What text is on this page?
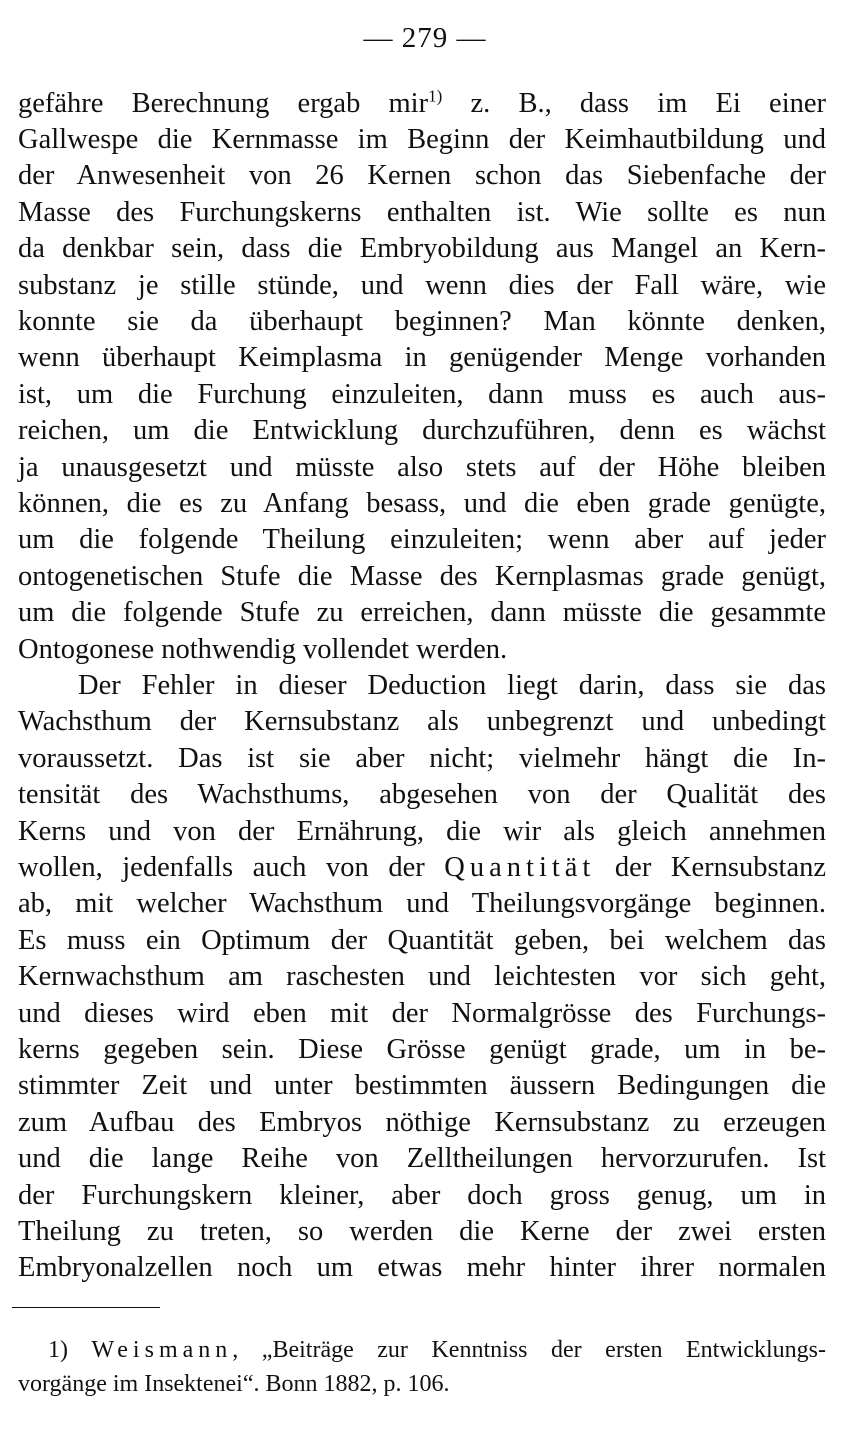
— 279 —
gefähre Berechnung ergab mir$^{1)}$ z. B., dass im Ei einer
Gallwespe die Kernmasse im Beginn der Keimhautbildung und
der Anwesenheit von 26 Kernen schon das Siebenfache der
Masse des Furchungskerns enthalten ist. Wie sollte es nun
da denkbar sein, dass die Embryobildung aus Mangel an Kern-
substanz je stille stünde, und wenn dies der Fall wäre, wie
konnte sie da überhaupt beginnen? Man könnte denken,
wenn überhaupt Keimplasma in genügender Menge vorhanden
ist, um die Furchung einzuleiten, dann muss es auch aus-
reichen, um die Entwicklung durchzuführen, denn es wächst
ja unausgesetzt und müsste also stets auf der Höhe bleiben
können, die es zu Anfang besass, und die eben grade genügte,
um die folgende Theilung einzuleiten; wenn aber auf jeder
ontogenetischen Stufe die Masse des Kernplasmas grade genügt,
um die folgende Stufe zu erreichen, dann müsste die gesammte
Ontogonese nothwendig vollendet werden.
Der Fehler in dieser Deduction liegt darin, dass sie das
Wachsthum der Kernsubstanz als unbegrenzt und unbedingt
voraussetzt. Das ist sie aber nicht; vielmehr hängt die In-
tensität des Wachsthums, abgesehen von der Qualität des
Kerns und von der Ernährung, die wir als gleich annehmen
wollen, jedenfalls auch von der Quantität der Kernsubstanz
ab, mit welcher Wachsthum und Theilungsvorgänge beginnen.
Es muss ein Optimum der Quantität geben, bei welchem das
Kernwachsthum am raschesten und leichtesten vor sich geht,
und dieses wird eben mit der Normalgrösse des Furchungs-
kerns gegeben sein. Diese Grösse genügt grade, um in be-
stimmter Zeit und unter bestimmten äussern Bedingungen die
zum Aufbau des Embryos nöthige Kernsubstanz zu erzeugen
und die lange Reihe von Zelltheilungen hervorzurufen. Ist
der Furchungskern kleiner, aber doch gross genug, um in
Theilung zu treten, so werden die Kerne der zwei ersten
Embryonalzellen noch um etwas mehr hinter ihrer normalen
1) Weismann, „Beiträge zur Kenntniss der ersten Entwicklungs-
vorgänge im Insektenei“. Bonn 1882, p. 106.
